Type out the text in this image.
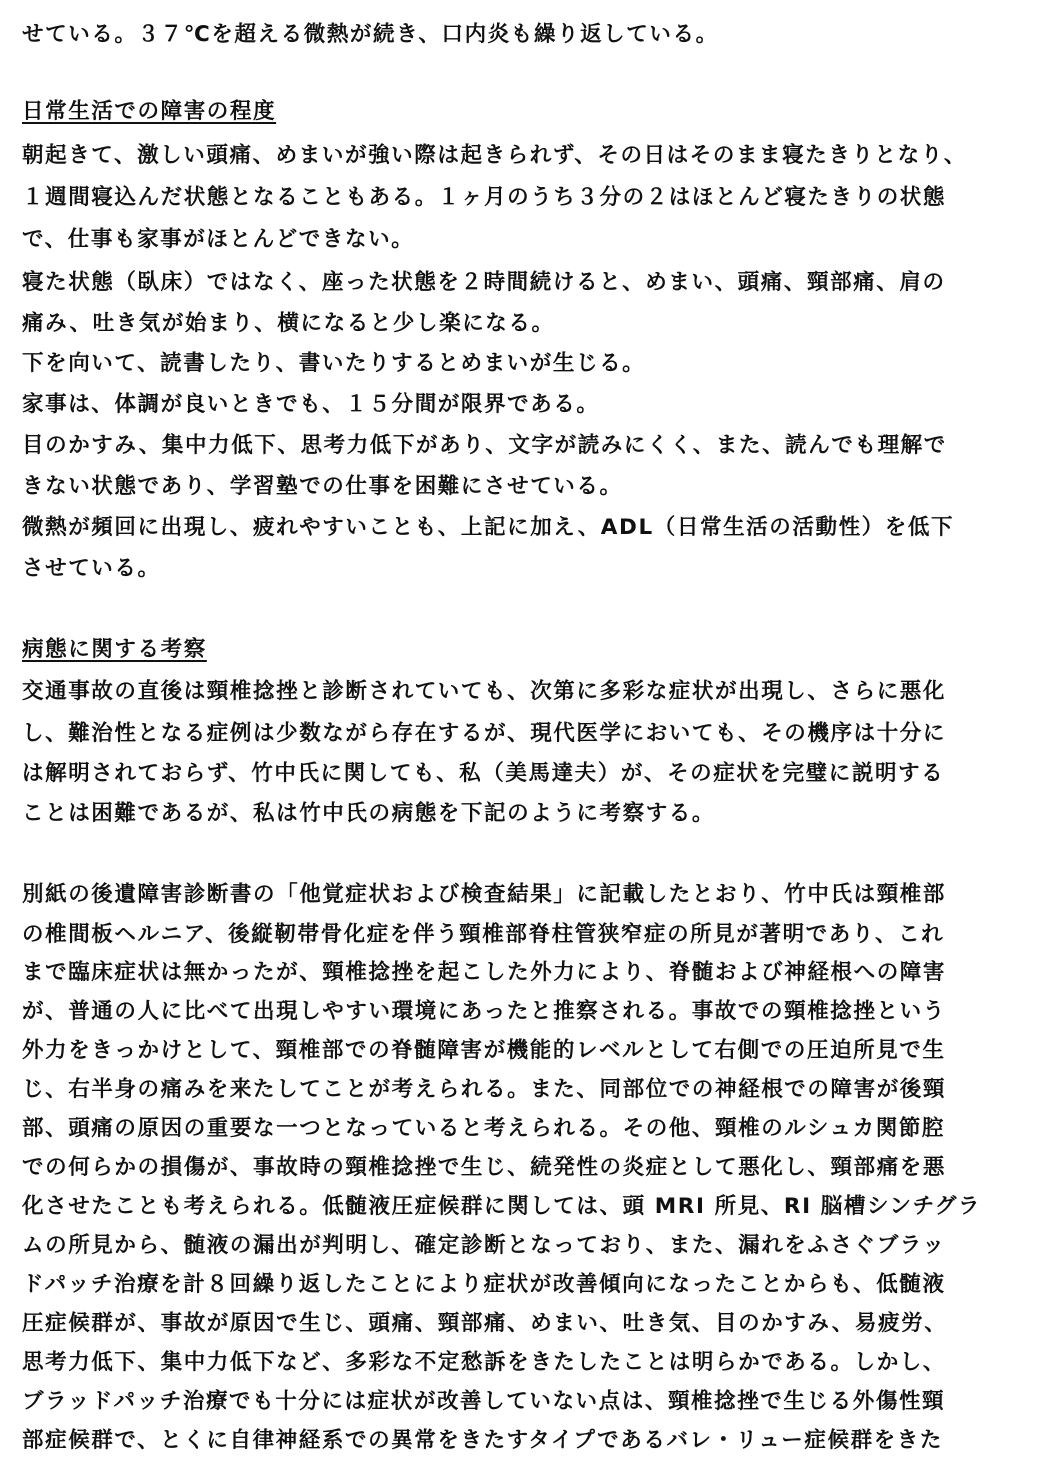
せている。３７℃を超える微熱が続き、口内炎も繰り返している。
日常生活での障害の程度
朝起きて、激しい頭痛、めまいが強い際は起きられず、その日はそのまま寝たきりとなり、
１週間寝込んだ状態となることもある。１ヶ月のうち３分の２はほとんど寝たきりの状態
で、仕事も家事がほとんどできない。
寝た状態（臥床）ではなく、座った状態を２時間続けると、めまい、頭痛、頸部痛、肩の
痛み、吐き気が始まり、横になると少し楽になる。
下を向いて、読書したり、書いたりするとめまいが生じる。
家事は、体調が良いときでも、１５分間が限界である。
目のかすみ、集中力低下、思考力低下があり、文字が読みにくく、また、読んでも理解で
きない状態であり、学習塾での仕事を困難にさせている。
微熱が頻回に出現し、疲れやすいことも、上記に加え、ADL（日常生活の活動性）を低下
させている。
病態に関する考察
交通事故の直後は頸椎捻挫と診断されていても、次第に多彩な症状が出現し、さらに悪化
し、難治性となる症例は少数ながら存在するが、現代医学においても、その機序は十分に
は解明されておらず、竹中氏に関しても、私（美馬達夫）が、その症状を完璧に説明する
ことは困難であるが、私は竹中氏の病態を下記のように考察する。
別紙の後遺障害診断書の「他覚症状および検査結果」に記載したとおり、竹中氏は頸椎部
の椎間板ヘルニア、後縦靭帯骨化症を伴う頸椎部脊柱管狭窄症の所見が著明であり、これ
まで臨床症状は無かったが、頸椎捻挫を起こした外力により、脊髄および神経根への障害
が、普通の人に比べて出現しやすい環境にあったと推察される。事故での頸椎捻挫という
外力をきっかけとして、頸椎部での脊髄障害が機能的レベルとして右側での圧迫所見で生
じ、右半身の痛みを来たしてことが考えられる。また、同部位での神経根での障害が後頸
部、頭痛の原因の重要な一つとなっていると考えられる。その他、頸椎のルシュカ関節腔
での何らかの損傷が、事故時の頸椎捻挫で生じ、続発性の炎症として悪化し、頸部痛を悪
化させたことも考えられる。低髄液圧症候群に関しては、頭 MRI 所見、RI 脳槽シンチグラ
ムの所見から、髄液の漏出が判明し、確定診断となっており、また、漏れをふさぐブラッ
ドパッチ治療を計８回繰り返したことにより症状が改善傾向になったことからも、低髄液
圧症候群が、事故が原因で生じ、頭痛、頸部痛、めまい、吐き気、目のかすみ、易疲労、
思考力低下、集中力低下など、多彩な不定愁訴をきたしたことは明らかである。しかし、
ブラッドパッチ治療でも十分には症状が改善していない点は、頸椎捻挫で生じる外傷性頸
部症候群で、とくに自律神経系での異常をきたすタイプであるバレ・リュー症候群をきた
